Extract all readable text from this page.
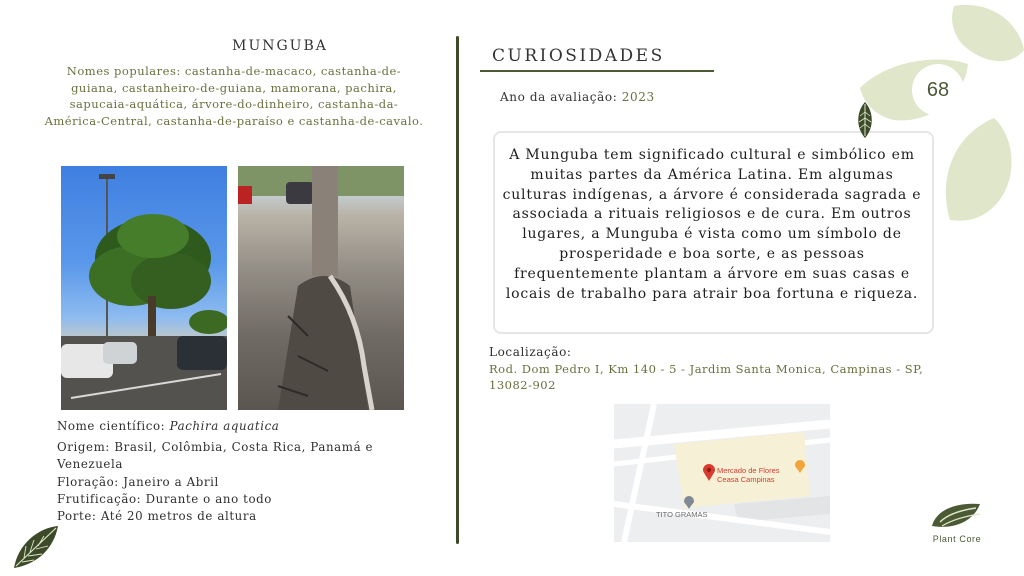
MUNGUBA
Nomes populares: castanha-de-macaco, castanha-de-guiana, castanheiro-de-guiana, mamorana, pachira, sapucaia-aquática, árvore-do-dinheiro, castanha-da-América-Central, castanha-de-paraíso e castanha-de-cavalo.
Nome científico: Pachira aquatica
Origem: Brasil, Colômbia, Costa Rica, Panamá e Venezuela
Floração: Janeiro a Abril
Frutificação: Durante o ano todo
Porte: Até 20 metros de altura
CURIOSIDADES
Ano da avaliação: 2023
A Munguba tem significado cultural e simbólico em muitas partes da América Latina. Em algumas culturas indígenas, a árvore é considerada sagrada e associada a rituais religiosos e de cura. Em outros lugares, a Munguba é vista como um símbolo de prosperidade e boa sorte, e as pessoas frequentemente plantam a árvore em suas casas e locais de trabalho para atrair boa fortuna e riqueza.
Localização:
Rod. Dom Pedro I, Km 140 - 5 - Jardim Santa Monica, Campinas - SP, 13082-902
Mercado de Flores
Ceasa Campinas
TITO GRAMAS
68
Plant Core
